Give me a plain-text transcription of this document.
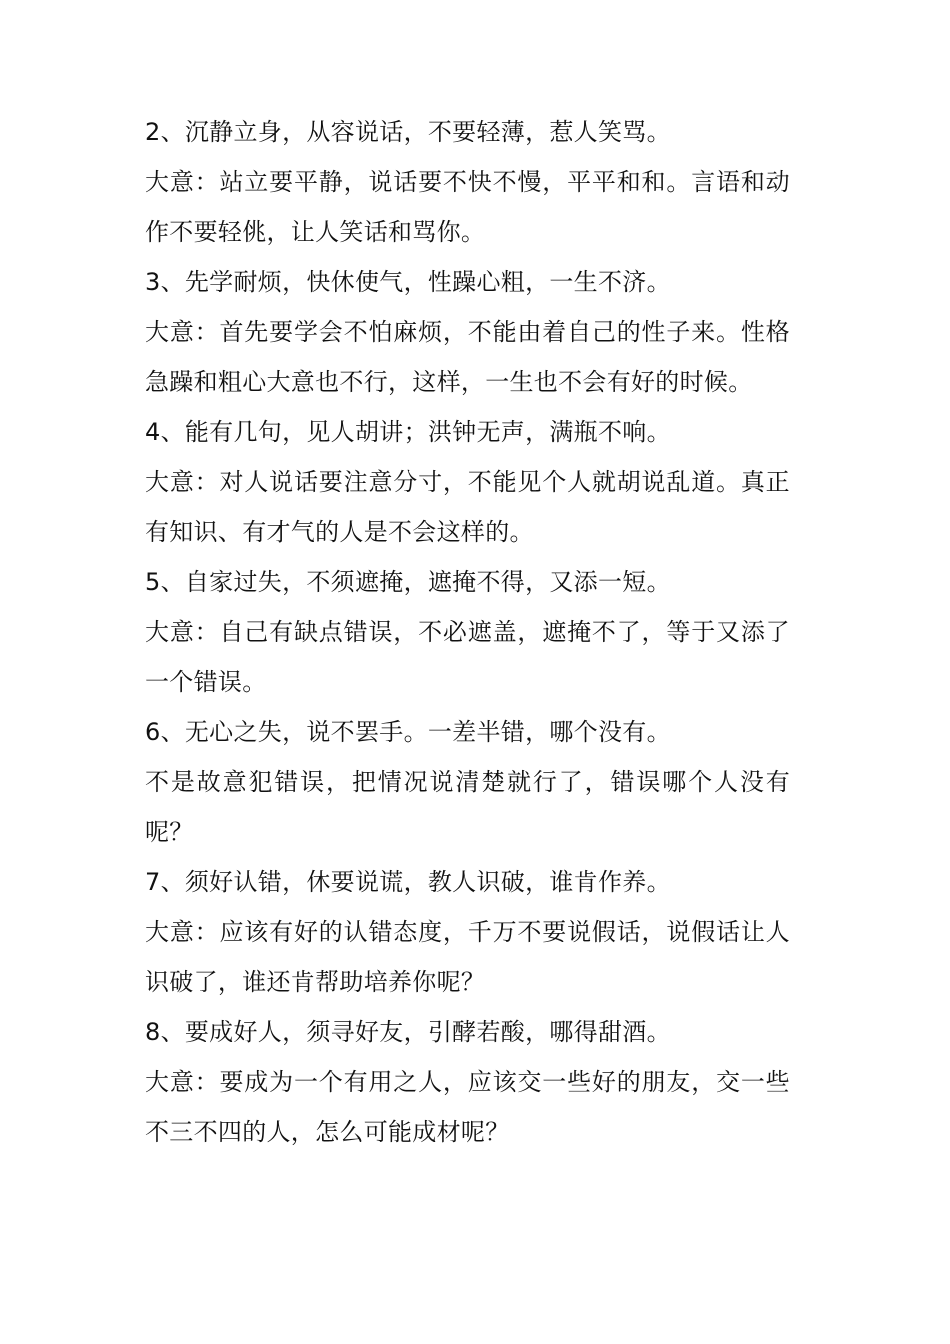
2、沉静立身，从容说话，不要轻薄，惹人笑骂。

大意：站立要平静，说话要不快不慢，平平和和。言语和动作不要轻佻，让人笑话和骂你。

3、先学耐烦，快休使气，性躁心粗，一生不济。

大意：首先要学会不怕麻烦，不能由着自己的性子来。性格急躁和粗心大意也不行，这样，一生也不会有好的时候。

4、能有几句，见人胡讲；洪钟无声，满瓶不响。

大意：对人说话要注意分寸，不能见个人就胡说乱道。真正有知识、有才气的人是不会这样的。

5、自家过失，不须遮掩，遮掩不得，又添一短。

大意：自己有缺点错误，不必遮盖，遮掩不了，等于又添了一个错误。

6、无心之失，说不罢手。一差半错，哪个没有。

不是故意犯错误，把情况说清楚就行了，错误哪个人没有呢？

7、须好认错，休要说谎，教人识破，谁肯作养。

大意：应该有好的认错态度，千万不要说假话，说假话让人识破了，谁还肯帮助培养你呢？

8、要成好人，须寻好友，引酵若酸，哪得甜酒。

大意：要成为一个有用之人，应该交一些好的朋友，交一些不三不四的人，怎么可能成材呢？
